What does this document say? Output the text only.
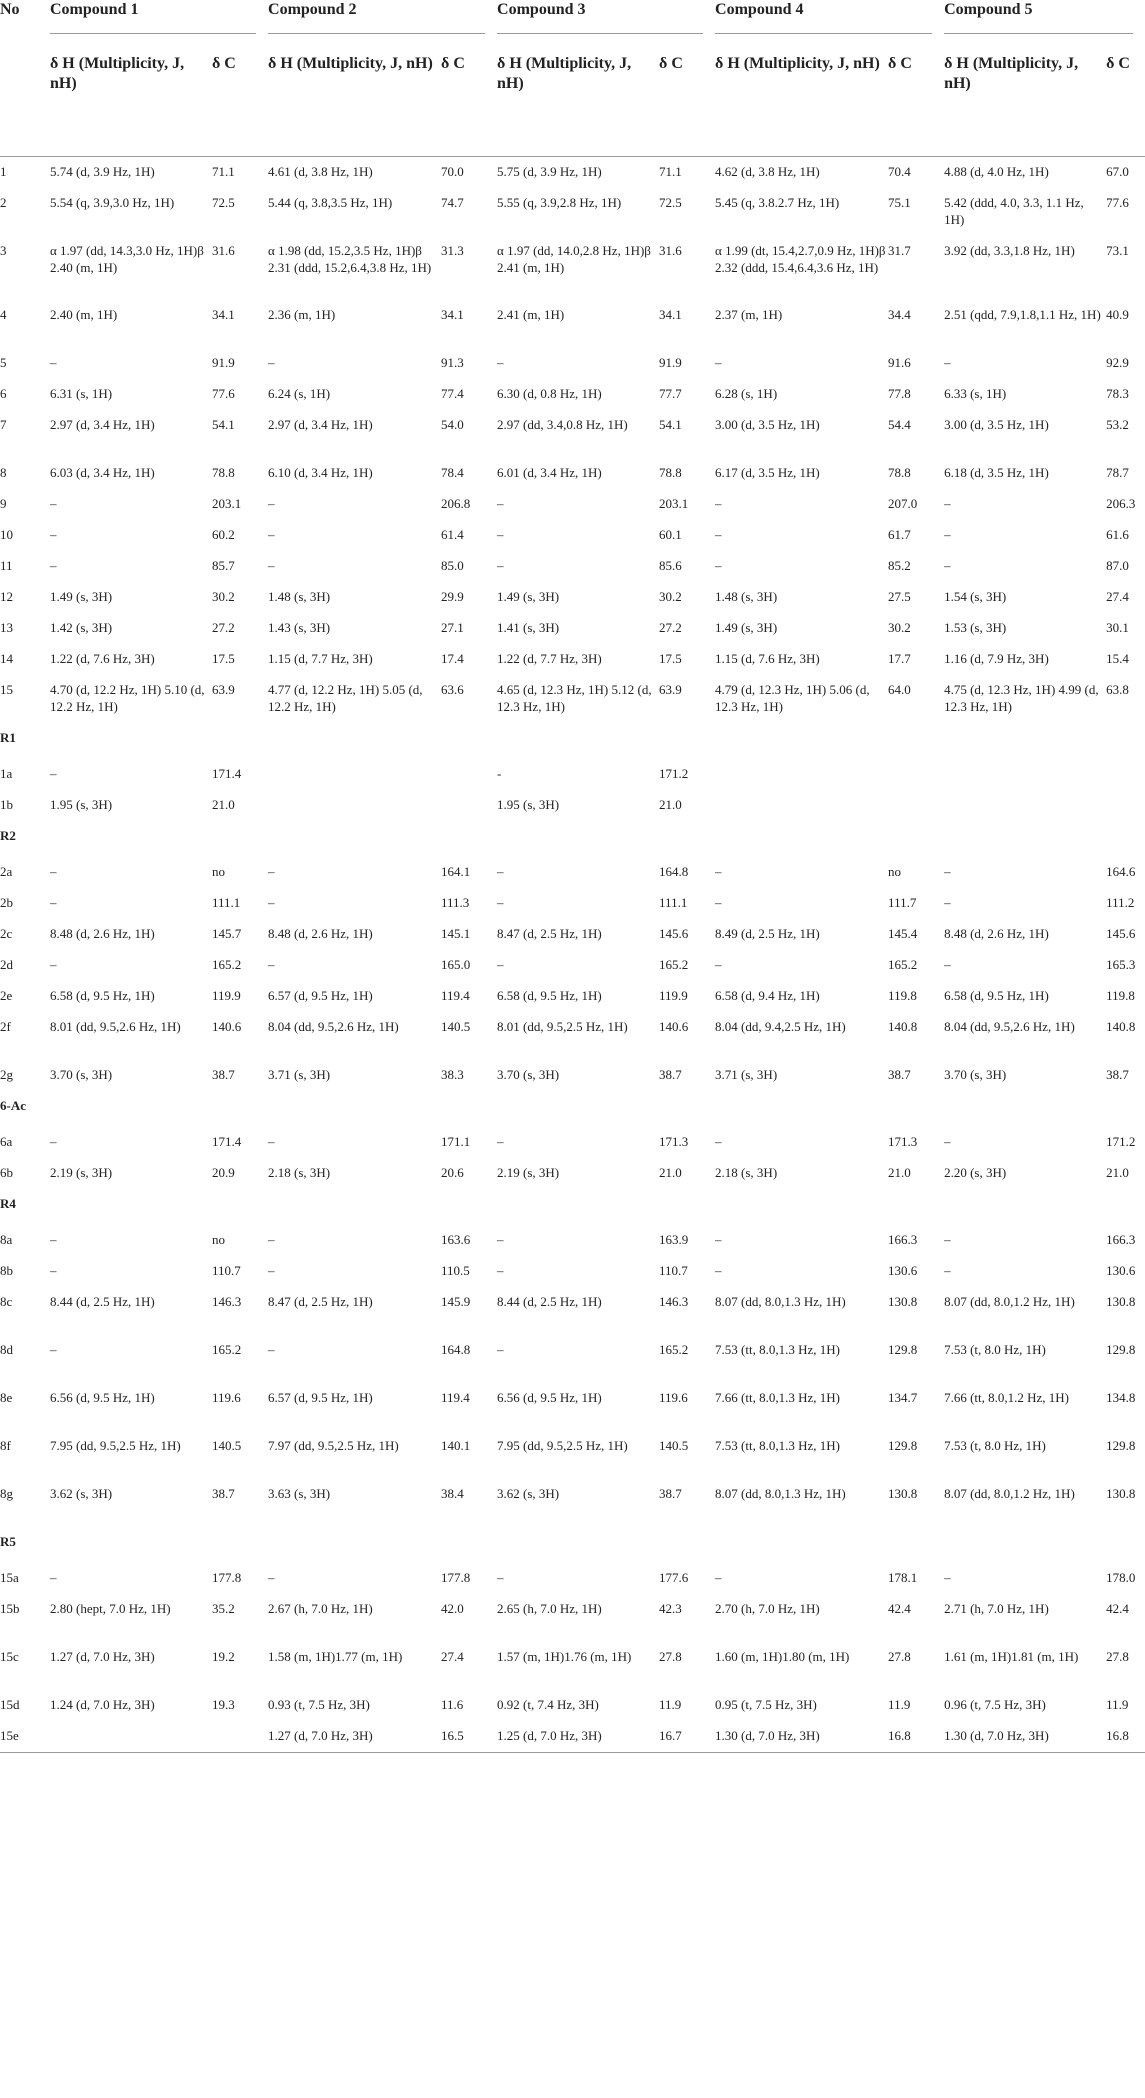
No	Compound 1		Compound 2		Compound 3		Compound 4		Compound 5	

	δ H (Multiplicity, J, nH)	δ C	δ H (Multiplicity, J, nH)	δ C	δ H (Multiplicity, J, nH)	δ C	δ H (Multiplicity, J, nH)	δ C	δ H (Multiplicity, J, nH)	δ C
1	5.74 (d, 3.9 Hz, 1H)	71.1	4.61 (d, 3.8 Hz, 1H)	70.0	5.75 (d, 3.9 Hz, 1H)	71.1	4.62 (d, 3.8 Hz, 1H)	70.4	4.88 (d, 4.0 Hz, 1H)	67.0
2	5.54 (q, 3.9,3.0 Hz, 1H)	72.5	5.44 (q, 3.8,3.5 Hz, 1H)	74.7	5.55 (q, 3.9,2.8 Hz, 1H)	72.5	5.45 (q, 3.8.2.7 Hz, 1H)	75.1	5.42 (ddd, 4.0, 3.3, 1.1 Hz, 1H)	77.6
3	α 1.97 (dd, 14.3,3.0 Hz, 1H)β 2.40 (m, 1H)	31.6	α 1.98 (dd, 15.2,3.5 Hz, 1H)β 2.31 (ddd, 15.2,6.4,3.8 Hz, 1H)	31.3	α 1.97 (dd, 14.0,2.8 Hz, 1H)β 2.41 (m, 1H)	31.6	α 1.99 (dt, 15.4,2.7,0.9 Hz, 1H)β 2.32 (ddd, 15.4,6.4,3.6 Hz, 1H)	31.7	3.92 (dd, 3.3,1.8 Hz, 1H)	73.1
4	2.40 (m, 1H)	34.1	2.36 (m, 1H)	34.1	2.41 (m, 1H)	34.1	2.37 (m, 1H)	34.4	2.51 (qdd, 7.9,1.8,1.1 Hz, 1H)	40.9
5	–	91.9	–	91.3	–	91.9	–	91.6	–	92.9
6	6.31 (s, 1H)	77.6	6.24 (s, 1H)	77.4	6.30 (d, 0.8 Hz, 1H)	77.7	6.28 (s, 1H)	77.8	6.33 (s, 1H)	78.3
7	2.97 (d, 3.4 Hz, 1H)	54.1	2.97 (d, 3.4 Hz, 1H)	54.0	2.97 (dd, 3.4,0.8 Hz, 1H)	54.1	3.00 (d, 3.5 Hz, 1H)	54.4	3.00 (d, 3.5 Hz, 1H)	53.2
8	6.03 (d, 3.4 Hz, 1H)	78.8	6.10 (d, 3.4 Hz, 1H)	78.4	6.01 (d, 3.4 Hz, 1H)	78.8	6.17 (d, 3.5 Hz, 1H)	78.8	6.18 (d, 3.5 Hz, 1H)	78.7
9	–	203.1	–	206.8	–	203.1	–	207.0	–	206.3
10	–	60.2	–	61.4	–	60.1	–	61.7	–	61.6
11	–	85.7	–	85.0	–	85.6	–	85.2	–	87.0
12	1.49 (s, 3H)	30.2	1.48 (s, 3H)	29.9	1.49 (s, 3H)	30.2	1.48 (s, 3H)	27.5	1.54 (s, 3H)	27.4
13	1.42 (s, 3H)	27.2	1.43 (s, 3H)	27.1	1.41 (s, 3H)	27.2	1.49 (s, 3H)	30.2	1.53 (s, 3H)	30.1
14	1.22 (d, 7.6 Hz, 3H)	17.5	1.15 (d, 7.7 Hz, 3H)	17.4	1.22 (d, 7.7 Hz, 3H)	17.5	1.15 (d, 7.6 Hz, 3H)	17.7	1.16 (d, 7.9 Hz, 3H)	15.4
15	4.70 (d, 12.2 Hz, 1H) 5.10 (d, 12.2 Hz, 1H)	63.9	4.77 (d, 12.2 Hz, 1H) 5.05 (d, 12.2 Hz, 1H)	63.6	4.65 (d, 12.3 Hz, 1H) 5.12 (d, 12.3 Hz, 1H)	63.9	4.79 (d, 12.3 Hz, 1H) 5.06 (d, 12.3 Hz, 1H)	64.0	4.75 (d, 12.3 Hz, 1H) 4.99 (d, 12.3 Hz, 1H)	63.8
R1										
1a	–	171.4			-	171.2				
1b	1.95 (s, 3H)	21.0			1.95 (s, 3H)	21.0				
R2										
2a	–	no	–	164.1	–	164.8	–	no	–	164.6
2b	–	111.1	–	111.3	–	111.1	–	111.7	–	111.2
2c	8.48 (d, 2.6 Hz, 1H)	145.7	8.48 (d, 2.6 Hz, 1H)	145.1	8.47 (d, 2.5 Hz, 1H)	145.6	8.49 (d, 2.5 Hz, 1H)	145.4	8.48 (d, 2.6 Hz, 1H)	145.6
2d	–	165.2	–	165.0	–	165.2	–	165.2	–	165.3
2e	6.58 (d, 9.5 Hz, 1H)	119.9	6.57 (d, 9.5 Hz, 1H)	119.4	6.58 (d, 9.5 Hz, 1H)	119.9	6.58 (d, 9.4 Hz, 1H)	119.8	6.58 (d, 9.5 Hz, 1H)	119.8
2f	8.01 (dd, 9.5,2.6 Hz, 1H)	140.6	8.04 (dd, 9.5,2.6 Hz, 1H)	140.5	8.01 (dd, 9.5,2.5 Hz, 1H)	140.6	8.04 (dd, 9.4,2.5 Hz, 1H)	140.8	8.04 (dd, 9.5,2.6 Hz, 1H)	140.8
2g	3.70 (s, 3H)	38.7	3.71 (s, 3H)	38.3	3.70 (s, 3H)	38.7	3.71 (s, 3H)	38.7	3.70 (s, 3H)	38.7
6-Ac										
6a	–	171.4	–	171.1	–	171.3	–	171.3	–	171.2
6b	2.19 (s, 3H)	20.9	2.18 (s, 3H)	20.6	2.19 (s, 3H)	21.0	2.18 (s, 3H)	21.0	2.20 (s, 3H)	21.0
R4										
8a	–	no	–	163.6	–	163.9	–	166.3	–	166.3
8b	–	110.7	–	110.5	–	110.7	–	130.6	–	130.6
8c	8.44 (d, 2.5 Hz, 1H)	146.3	8.47 (d, 2.5 Hz, 1H)	145.9	8.44 (d, 2.5 Hz, 1H)	146.3	8.07 (dd, 8.0,1.3 Hz, 1H)	130.8	8.07 (dd, 8.0,1.2 Hz, 1H)	130.8
8d	–	165.2	–	164.8	–	165.2	7.53 (tt, 8.0,1.3 Hz, 1H)	129.8	7.53 (t, 8.0 Hz, 1H)	129.8
8e	6.56 (d, 9.5 Hz, 1H)	119.6	6.57 (d, 9.5 Hz, 1H)	119.4	6.56 (d, 9.5 Hz, 1H)	119.6	7.66 (tt, 8.0,1.3 Hz, 1H)	134.7	7.66 (tt, 8.0,1.2 Hz, 1H)	134.8
8f	7.95 (dd, 9.5,2.5 Hz, 1H)	140.5	7.97 (dd, 9.5,2.5 Hz, 1H)	140.1	7.95 (dd, 9.5,2.5 Hz, 1H)	140.5	7.53 (tt, 8.0,1.3 Hz, 1H)	129.8	7.53 (t, 8.0 Hz, 1H)	129.8
8g	3.62 (s, 3H)	38.7	3.63 (s, 3H)	38.4	3.62 (s, 3H)	38.7	8.07 (dd, 8.0,1.3 Hz, 1H)	130.8	8.07 (dd, 8.0,1.2 Hz, 1H)	130.8
R5										
15a	–	177.8	–	177.8	–	177.6	–	178.1	–	178.0
15b	2.80 (hept, 7.0 Hz, 1H)	35.2	2.67 (h, 7.0 Hz, 1H)	42.0	2.65 (h, 7.0 Hz, 1H)	42.3	2.70 (h, 7.0 Hz, 1H)	42.4	2.71 (h, 7.0 Hz, 1H)	42.4
15c	1.27 (d, 7.0 Hz, 3H)	19.2	1.58 (m, 1H)1.77 (m, 1H)	27.4	1.57 (m, 1H)1.76 (m, 1H)	27.8	1.60 (m, 1H)1.80 (m, 1H)	27.8	1.61 (m, 1H)1.81 (m, 1H)	27.8
15d	1.24 (d, 7.0 Hz, 3H)	19.3	0.93 (t, 7.5 Hz, 3H)	11.6	0.92 (t, 7.4 Hz, 3H)	11.9	0.95 (t, 7.5 Hz, 3H)	11.9	0.96 (t, 7.5 Hz, 3H)	11.9
15e			1.27 (d, 7.0 Hz, 3H)	16.5	1.25 (d, 7.0 Hz, 3H)	16.7	1.30 (d, 7.0 Hz, 3H)	16.8	1.30 (d, 7.0 Hz, 3H)	16.8
